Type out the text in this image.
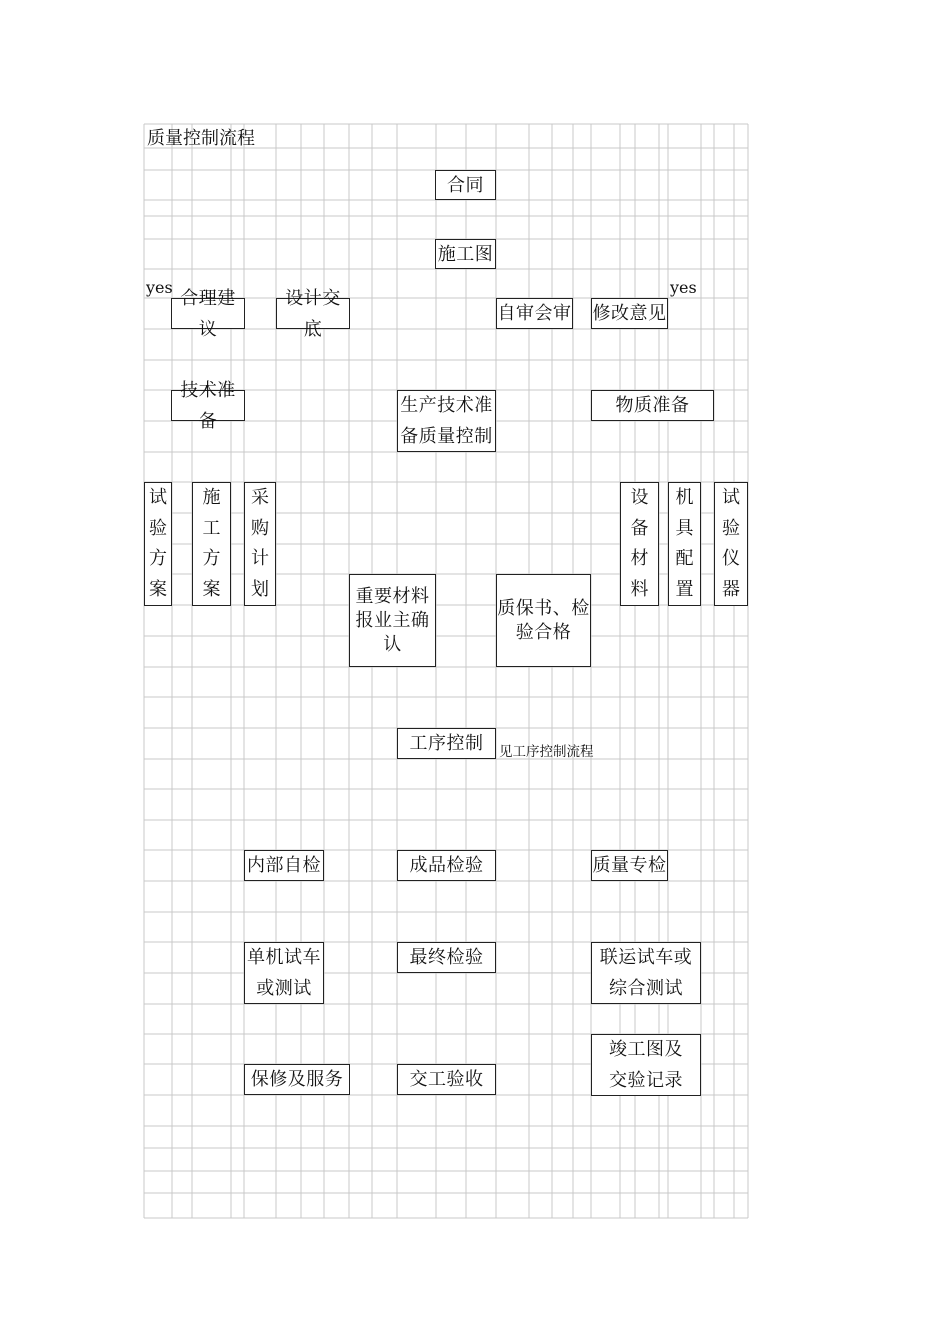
质量控制流程
yes	yes
合同
施工图
合理建议
设计交底
自审会审 修改意见
技术准备
生产技术准
备质量控制
物质准备
试
验
方
案
施
工
方
案
采
购
计
划
设
备
材
料
机
具
配
置
试
验
仪
器
重要材料
报业主确
认
质保书、检
验合格
工序控制 见工序控制流程
内部自检	成品检验	质量专检
单机试车
或测试
最终检验	联运试车或
综合测试
竣工图及
交验记录
保修及服务	交工验收
